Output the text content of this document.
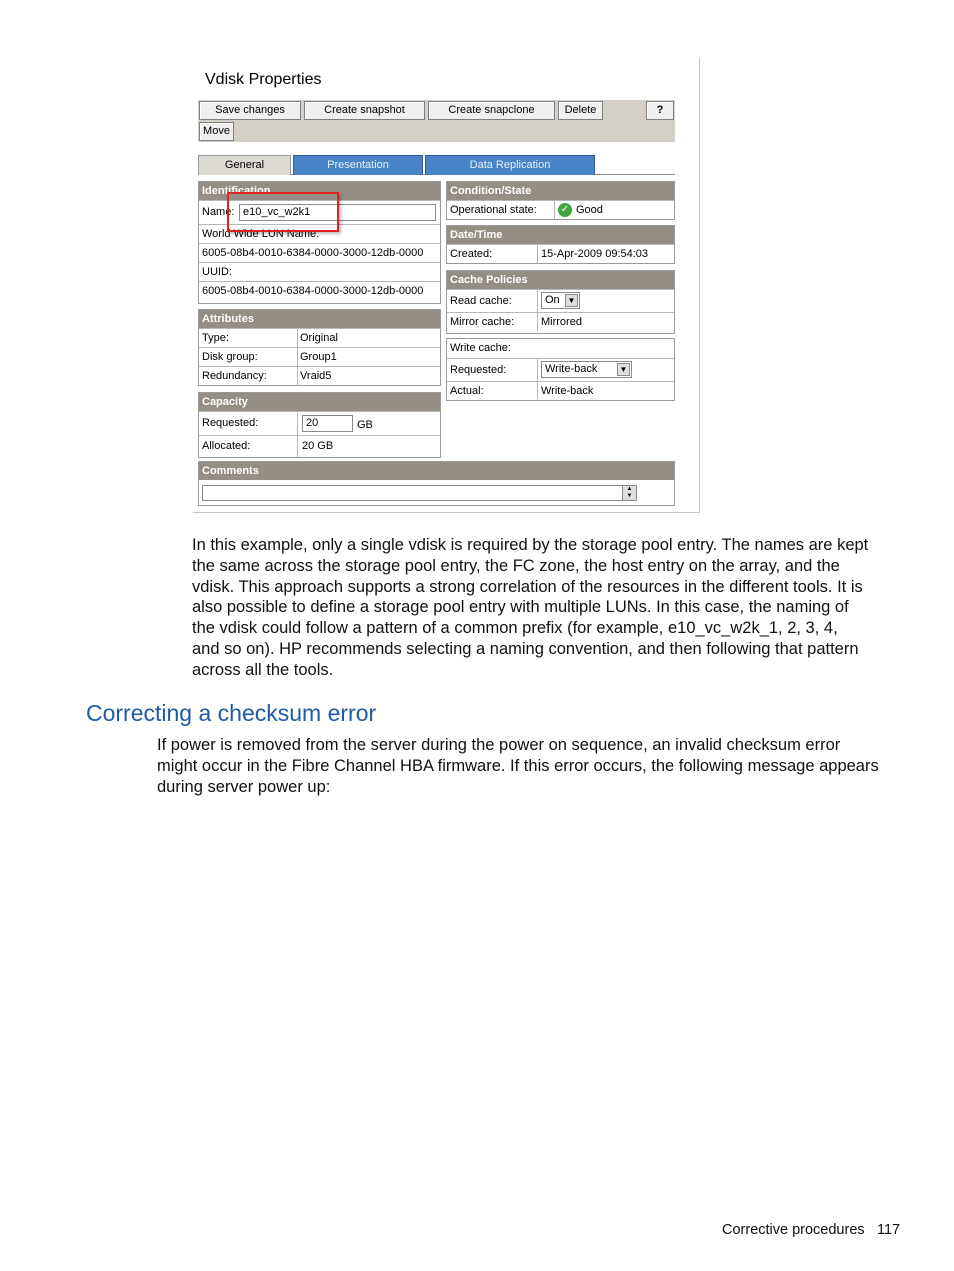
Vdisk Properties
Save changes	Create snapshot	Create snapclone	Delete	?
Move
General	Presentation	Data Replication
Identification
Name: e10_vc_w2k1
World Wide LUN Name:
6005-08b4-0010-6384-0000-3000-12db-0000
UUID:
6005-08b4-0010-6384-0000-3000-12db-0000
Attributes
Type:	Original
Disk group:	Group1
Redundancy:	Vraid5
Capacity
Requested:	20	GB
Allocated:	20 GB
Condition/State
Operational state: ✓ Good
Date/Time
Created:	15-Apr-2009 09:54:03
Cache Policies
Read cache:	On ▼
Mirror cache: Mirrored
Write cache:
Requested:	Write-back	▼
Actual:	Write-back
Comments
▲
▼

In this example, only a single vdisk is required by the storage pool entry. The names are kept
the same across the storage pool entry, the FC zone, the host entry on the array, and the
vdisk. This approach supports a strong correlation of the resources in the different tools. It is
also possible to define a storage pool entry with multiple LUNs. In this case, the naming of
the vdisk could follow a pattern of a common prefix (for example, e10_vc_w2k_1, 2, 3, 4,
and so on). HP recommends selecting a naming convention, and then following that pattern
across all the tools.

Correcting a checksum error

If power is removed from the server during the power on sequence, an invalid checksum error
might occur in the Fibre Channel HBA firmware. If this error occurs, the following message appears
during server power up:

Corrective procedures 117
